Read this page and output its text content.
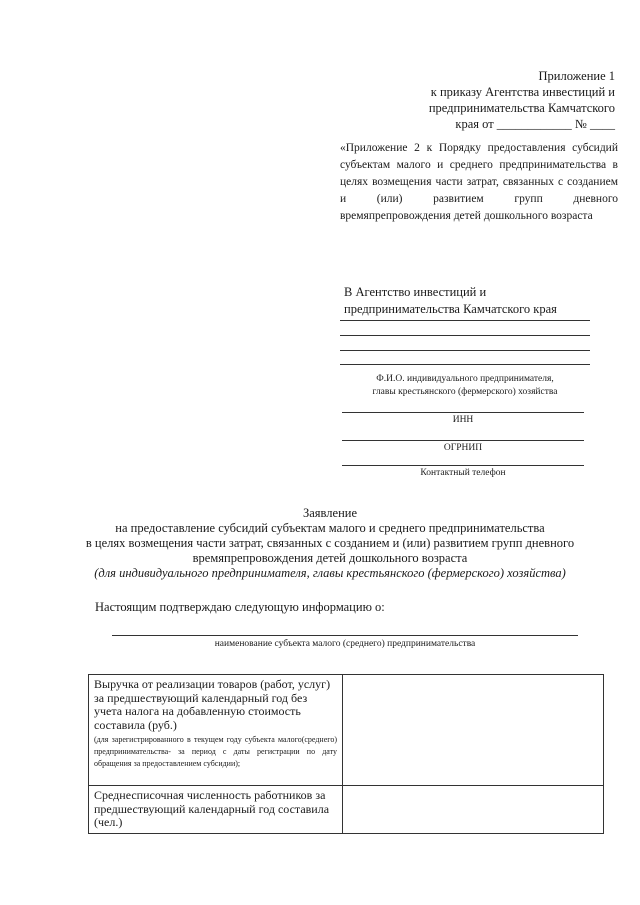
Приложение 1
к приказу Агентства инвестиций и
предпринимательства Камчатского
края от ____________ № ____
«Приложение 2 к Порядку предоставления субсидий субъектам малого и среднего предпринимательства в целях возмещения части затрат, связанных с созданием и (или) развитием групп дневного времяпрепровождения детей дошкольного возраста
В Агентство инвестиций и
предпринимательства Камчатского края
Ф.И.О. индивидуального предпринимателя,
главы крестьянского (фермерского) хозяйства
ИНН
ОГРНИП
Контактный телефон
Заявление
на предоставление субсидий субъектам малого и среднего предпринимательства
в целях возмещения части затрат, связанных с созданием и (или) развитием групп дневного
времяпрепровождения детей дошкольного возраста
(для индивидуального предпринимателя, главы крестьянского (фермерского) хозяйства)
Настоящим подтверждаю следующую информацию о:
наименование субъекта малого (среднего) предпринимательства
Выручка от реализации товаров (работ, услуг) за предшествующий календарный год без учета налога на добавленную стоимость составила (руб.)
(для зарегистрированного в текущем году субъекта малого(среднего) предпринимательства- за период с даты регистрации по дату обращения за предоставлением субсидии);	

Среднесписочная численность работников за предшествующий календарный год составила (чел.)	
